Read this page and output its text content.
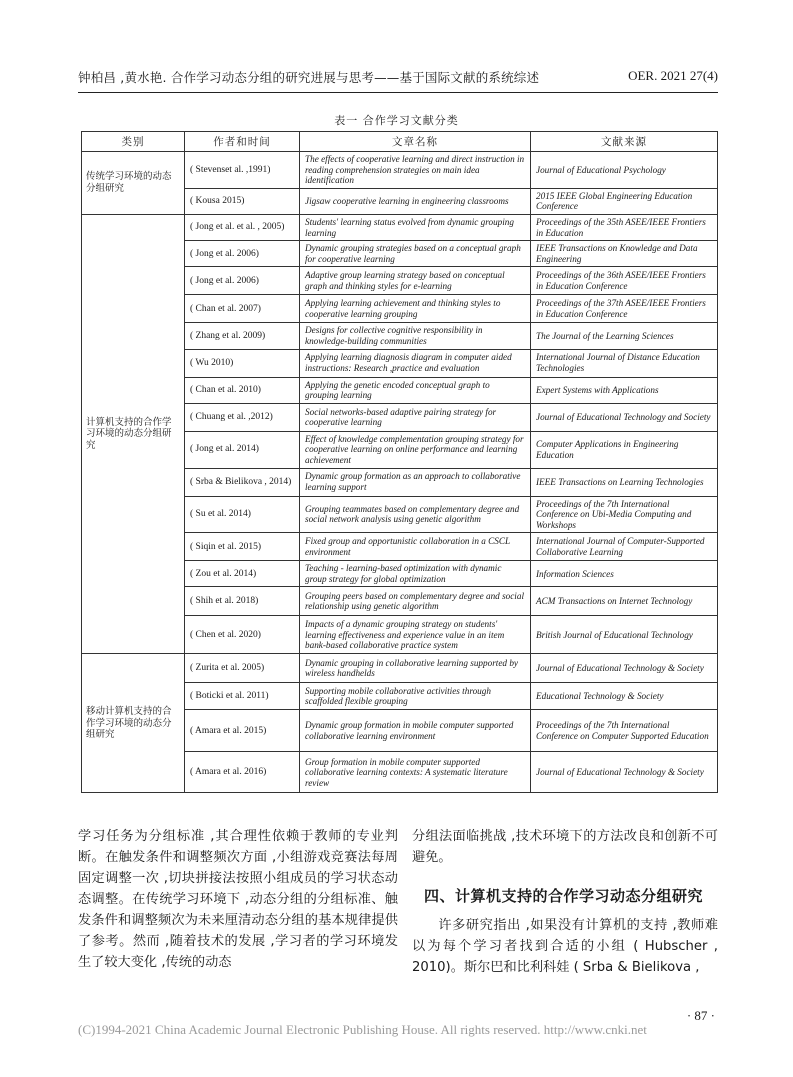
钟柏昌 ,黄水艳. 合作学习动态分组的研究进展与思考——基于国际文献的系统综述	OER. 2021 27(4)
表一 合作学习文献分类
类别	作者和时间	文章名称	文献来源
传统学习环境的动态分组研究	( Stevenset al. ,1991)	The effects of cooperative learning and direct instruction in reading comprehension strategies on main idea identification	Journal of Educational Psychology
	( Kousa 2015)	Jigsaw cooperative learning in engineering classrooms	2015 IEEE Global Engineering Education Conference
计算机支持的合作学习环境的动态分组研究	( Jong et al. et al. , 2005)	Students' learning status evolved from dynamic grouping learning	Proceedings of the 35th ASEE/IEEE Frontiers in Education
	( Jong et al. 2006)	Dynamic grouping strategies based on a conceptual graph for cooperative learning	IEEE Transactions on Knowledge and Data Engineering
	( Jong et al. 2006)	Adaptive group learning strategy based on conceptual graph and thinking styles for e-learning	Proceedings of the 36th ASEE/IEEE Frontiers in Education Conference
	( Chan et al. 2007)	Applying learning achievement and thinking styles to cooperative learning grouping	Proceedings of the 37th ASEE/IEEE Frontiers in Education Conference
	( Zhang et al. 2009)	Designs for collective cognitive responsibility in knowledge-building communities	The Journal of the Learning Sciences
	( Wu 2010)	Applying learning diagnosis diagram in computer aided instructions: Research ,practice and evaluation	International Journal of Distance Education Technologies
	( Chan et al. 2010)	Applying the genetic encoded conceptual graph to grouping learning	Expert Systems with Applications
	( Chuang et al. ,2012)	Social networks-based adaptive pairing strategy for cooperative learning	Journal of Educational Technology and Society
	( Jong et al. 2014)	Effect of knowledge complementation grouping strategy for cooperative learning on online performance and learning achievement	Computer Applications in Engineering Education
	( Srba & Bielikova , 2014)	Dynamic group formation as an approach to collaborative learning support	IEEE Transactions on Learning Technologies
	( Su et al. 2014)	Grouping teammates based on complementary degree and social network analysis using genetic algorithm	Proceedings of the 7th International Conference on Ubi-Media Computing and Workshops
	( Siqin et al. 2015)	Fixed group and opportunistic collaboration in a CSCL environment	International Journal of Computer-Supported Collaborative Learning
	( Zou et al. 2014)	Teaching - learning-based optimization with dynamic group strategy for global optimization	Information Sciences
	( Shih et al. 2018)	Grouping peers based on complementary degree and social relationship using genetic algorithm	ACM Transactions on Internet Technology
	( Chen et al. 2020)	Impacts of a dynamic grouping strategy on students' learning effectiveness and experience value in an item bank-based collaborative practice system	British Journal of Educational Technology
移动计算机支持的合作学习环境的动态分组研究	( Zurita et al. 2005)	Dynamic grouping in collaborative learning supported by wireless handhelds	Journal of Educational Technology & Society
	( Boticki et al. 2011)	Supporting mobile collaborative activities through scaffolded flexible grouping	Educational Technology & Society
	( Amara et al. 2015)	Dynamic group formation in mobile computer supported collaborative learning environment	Proceedings of the 7th International Conference on Computer Supported Education
	( Amara et al. 2016)	Group formation in mobile computer supported collaborative learning contexts: A systematic literature review	Journal of Educational Technology & Society

学习任务为分组标准 ,其合理性依赖于教师的专业判断。在触发条件和调整频次方面 ,小组游戏竞赛法每周固定调整一次 ,切块拼接法按照小组成员的学习状态动态调整。在传统学习环境下 ,动态分组的分组标准、触发条件和调整频次为未来厘清动态分组的基本规律提供了参考。然而 ,随着技术的发展 ,学习者的学习环境发生了较大变化 ,传统的动态

分组法面临挑战 ,技术环境下的方法改良和创新不可避免。

四、计算机支持的合作学习动态分组研究

许多研究指出 ,如果没有计算机的支持 ,教师难以为每个学习者找到合适的小组 ( Hubscher , 2010)。斯尔巴和比利科娃 ( Srba & Bielikova ,

· 87 ·
(C)1994-2021 China Academic Journal Electronic Publishing House. All rights reserved. http://www.cnki.net
